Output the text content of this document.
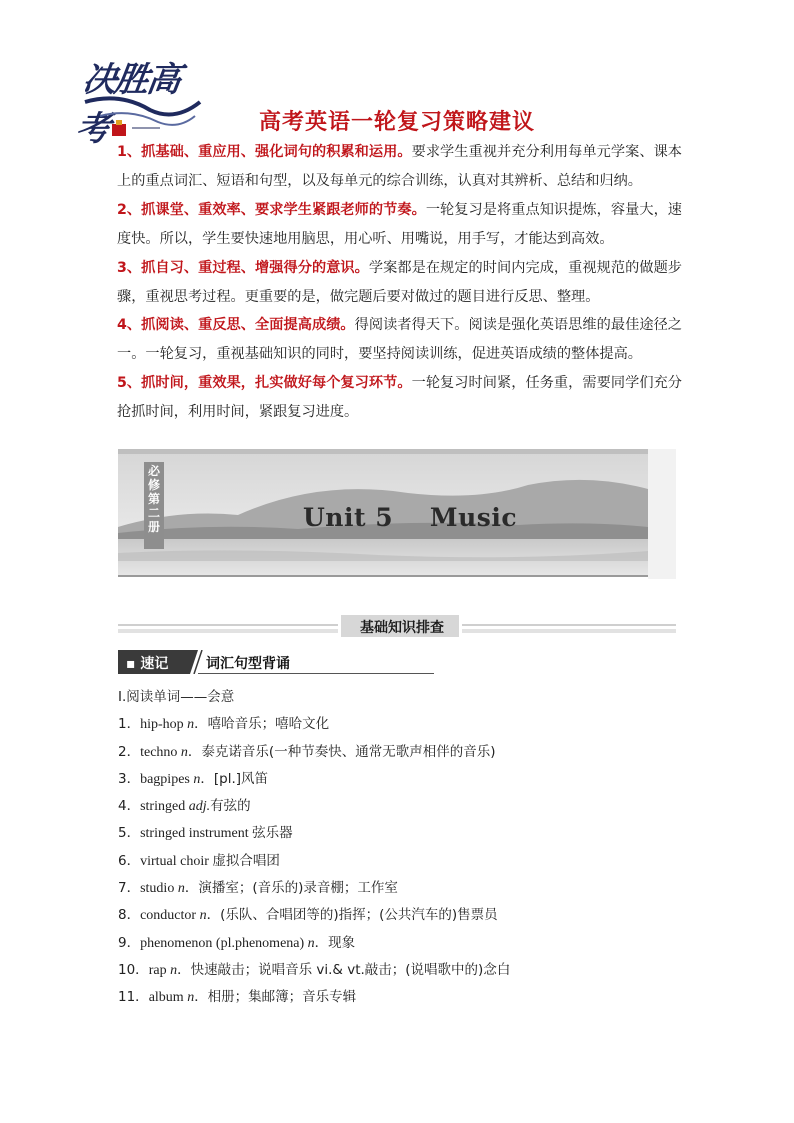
决胜高考	高考英语一轮复习策略建议

1、抓基础、重应用、强化词句的积累和运用。要求学生重视并充分利用每单元学案、课本上的重点词汇、短语和句型，以及每单元的综合训练，认真对其辨析、总结和归纳。

2、抓课堂、重效率、要求学生紧跟老师的节奏。一轮复习是将重点知识提炼，容量大，速度快。所以，学生要快速地用脑思，用心听、用嘴说，用手写，才能达到高效。

3、抓自习、重过程、增强得分的意识。学案都是在规定的时间内完成，重视规范的做题步骤，重视思考过程。更重要的是，做完题后要对做过的题目进行反思、整理。

4、抓阅读、重反思、全面提高成绩。得阅读者得天下。阅读是强化英语思维的最佳途径之一。一轮复习，重视基础知识的同时，要坚持阅读训练，促进英语成绩的整体提高。

5、抓时间，重效果，扎实做好每个复习环节。一轮复习时间紧，任务重，需要同学们充分抢抓时间，利用时间，紧跟复习进度。

必修第二册	Unit 5    Music
基础知识排查
▪ 速记	词汇句型背诵

Ⅰ.阅读单词——会意

1．hip-hop n．嘻哈音乐；嘻哈文化

2．techno n．泰克诺音乐(一种节奏快、通常无歌声相伴的音乐)

3．bagpipes n．[pl.]风笛

4．stringed adj.有弦的

5．stringed instrument 弦乐器

6．virtual choir 虚拟合唱团

7．studio n．演播室；(音乐的)录音棚；工作室

8．conductor n．(乐队、合唱团等的)指挥；(公共汽车的)售票员

9．phenomenon (pl.phenomena) n．现象

10．rap n．快速敲击；说唱音乐 vi.& vt.敲击；(说唱歌中的)念白

11．album n．相册；集邮簿；音乐专辑
